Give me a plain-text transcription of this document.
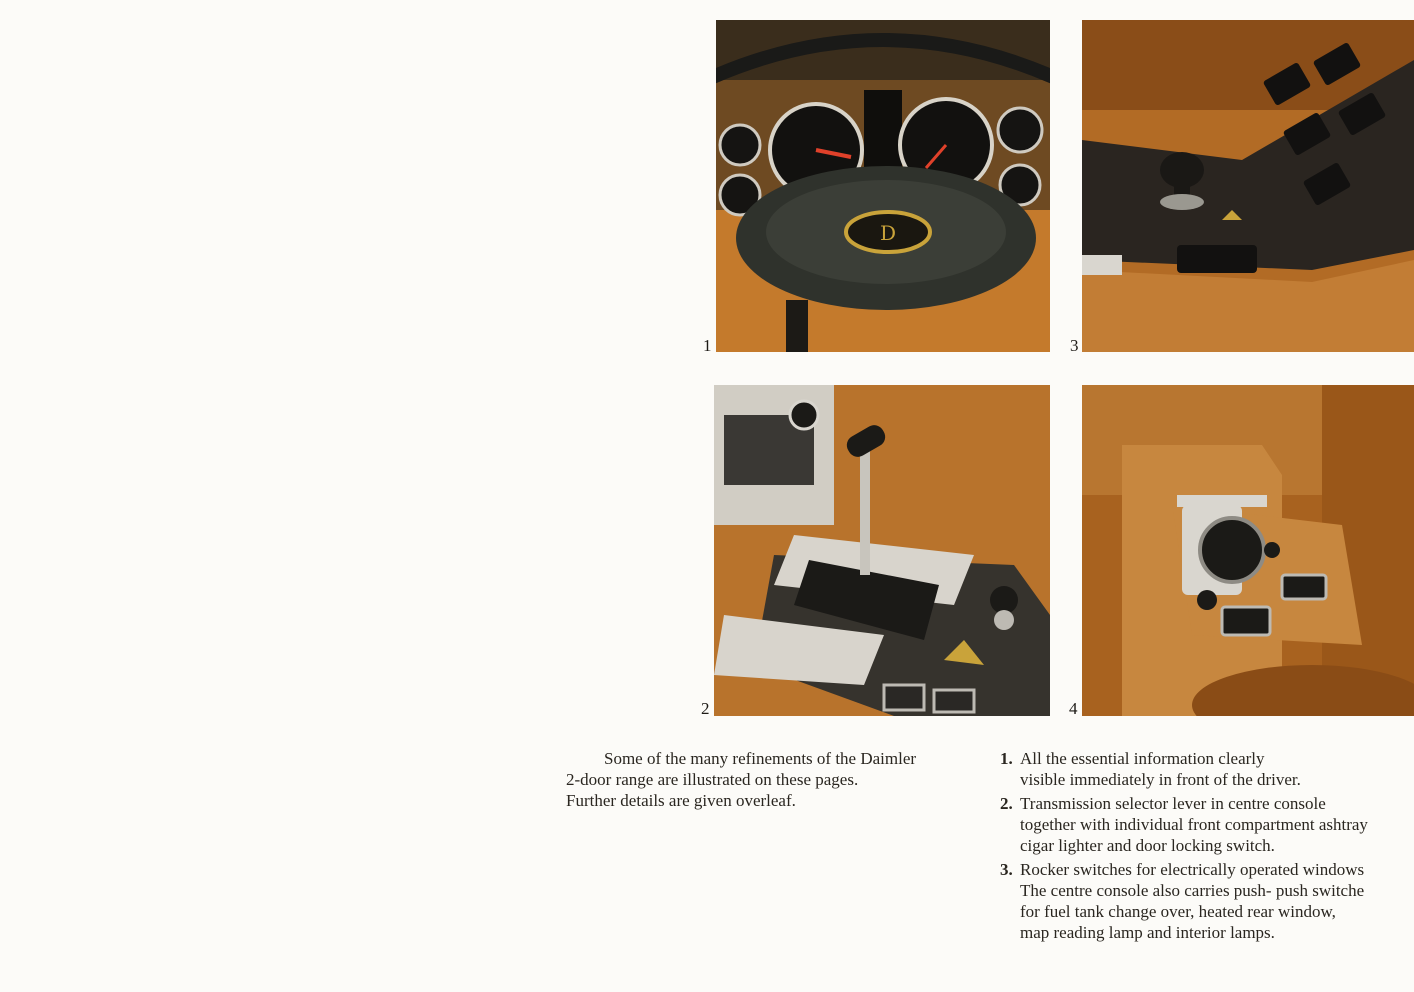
D
1
2
3
4
Some of the many refinements of the Daimler
2-door range are illustrated on these pages.
Further details are given overleaf.
1. All the essential information clearly
visible immediately in front of the driver.
2. Transmission selector lever in centre console
together with individual front compartment ashtray
cigar lighter and door locking switch.
3. Rocker switches for electrically operated windows
The centre console also carries push- push switche
for fuel tank change over, heated rear window,
map reading lamp and interior lamps.
